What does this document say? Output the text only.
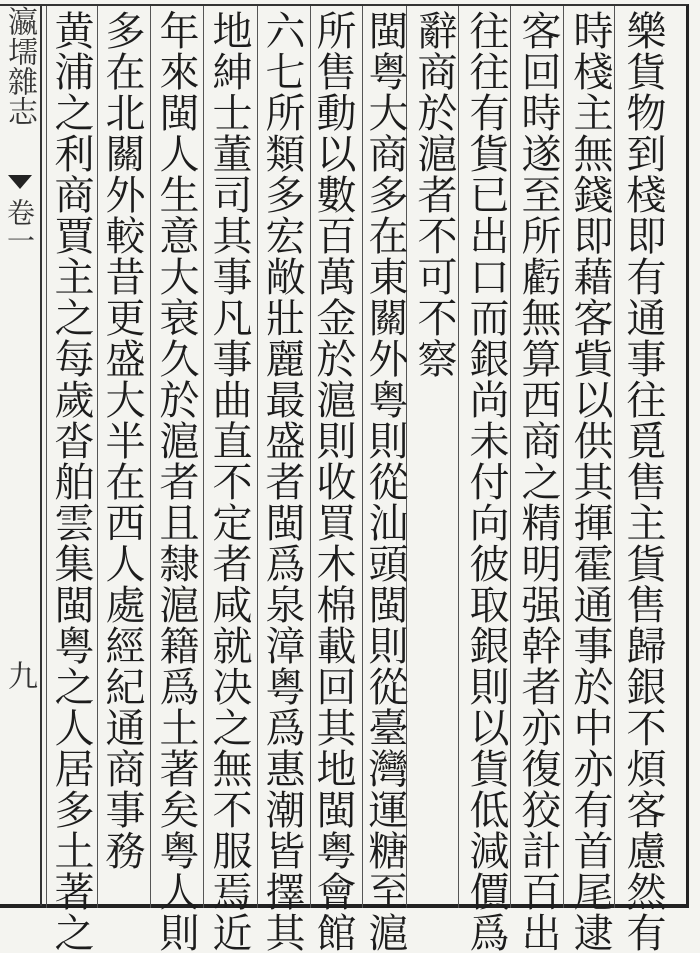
瀛壖雜志
卷一
九	樂貨物到棧即有通事往覓售主貨售歸銀不煩客慮然有
時棧主無錢即藉客貲以供其揮霍通事於中亦有首尾逮
客回時遂至所虧無算西商之精明强幹者亦復狡計百出
往往有貨已出口而銀尚未付向彼取銀則以貨低減價爲
辭商於滬者不可不察
閩粤大商多在東關外粤則從汕頭閩則從臺灣運糖至滬
所售動以數百萬金於滬則收買木棉載回其地閩粤會館
六七所類多宏敞壯麗最盛者閩爲泉漳粤爲惠潮皆擇其
地紳士董司其事凡事曲直不定者咸就决之無不服焉近
年來閩人生意大衰久於滬者且隸滬籍爲土著矣粤人則
多在北關外較昔更盛大半在西人處經紀通商事務
黄浦之利商賈主之每歲沓舶雲集閩粤之人居多土著之
